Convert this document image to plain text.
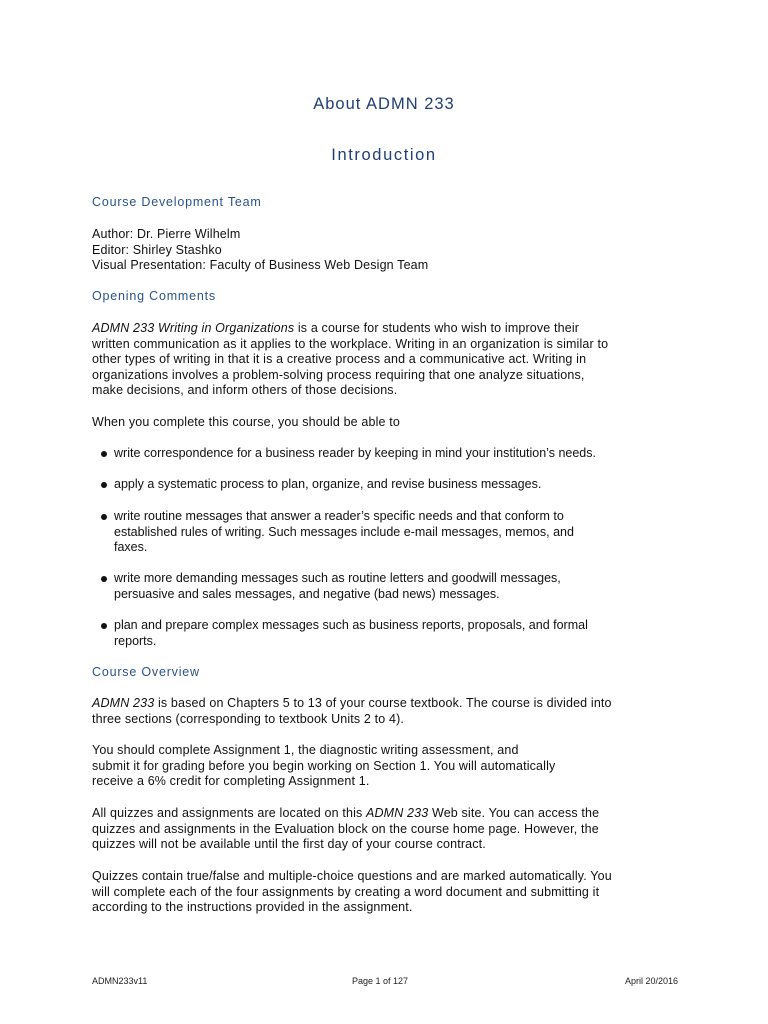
About ADMN 233
Introduction
Course Development Team
Author: Dr. Pierre Wilhelm
Editor: Shirley Stashko
Visual Presentation: Faculty of Business Web Design Team
Opening Comments
ADMN 233 Writing in Organizations is a course for students who wish to improve their
written communication as it applies to the workplace. Writing in an organization is similar to
other types of writing in that it is a creative process and a communicative act. Writing in
organizations involves a problem-solving process requiring that one analyze situations,
make decisions, and inform others of those decisions.
When you complete this course, you should be able to
write correspondence for a business reader by keeping in mind your institution’s needs.
apply a systematic process to plan, organize, and revise business messages.
write routine messages that answer a reader’s specific needs and that conform to
established rules of writing. Such messages include e-mail messages, memos, and
faxes.
write more demanding messages such as routine letters and goodwill messages,
persuasive and sales messages, and negative (bad news) messages.
plan and prepare complex messages such as business reports, proposals, and formal
reports.
Course Overview
ADMN 233 is based on Chapters 5 to 13 of your course textbook. The course is divided into
three sections (corresponding to textbook Units 2 to 4).
You should complete Assignment 1, the diagnostic writing assessment, and
submit it for grading before you begin working on Section 1. You will automatically
receive a 6% credit for completing Assignment 1.
All quizzes and assignments are located on this ADMN 233 Web site. You can access the
quizzes and assignments in the Evaluation block on the course home page. However, the
quizzes will not be available until the first day of your course contract.
Quizzes contain true/false and multiple-choice questions and are marked automatically. You
will complete each of the four assignments by creating a word document and submitting it
according to the instructions provided in the assignment.
ADMN233v11	Page 1 of 127	April 20/2016
